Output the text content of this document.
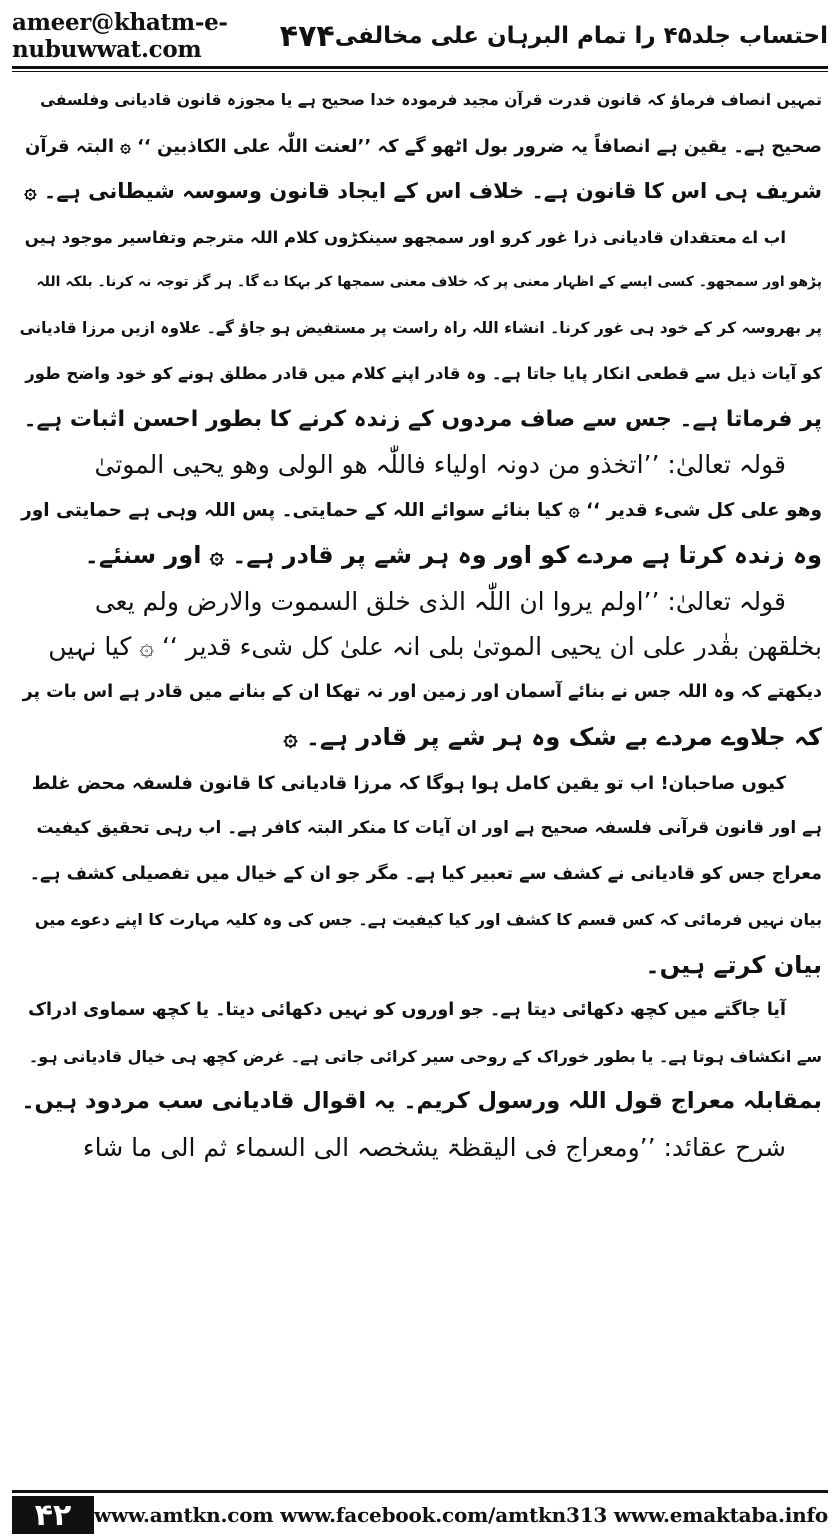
ameer@khatm-e-nubuwwat.com	۴۷۴ احتساب جلد۴۵ را تمام البرہان علی مخالفی
تمہیں انصاف فرماؤ کہ قانون قدرت قرآن مجید فرمودہ خدا صحیح ہے یا مجوزہ قانون قادیانی وفلسفی
صحیح ہے۔ یقین ہے انصافاً یہ ضرور بول اٹھو گے کہ ’’لعنت اللّٰہ علی الکاذبین ‘‘ ۞ البتہ قرآن
شریف ہی اس کا قانون ہے۔ خلاف اس کے ایجاد قانون وسوسہ شیطانی ہے۔ ۞
اب اے معتقدان قادیانی ذرا غور کرو اور سمجھو سینکڑوں کلام اللہ مترجم وتفاسیر موجود ہیں
پڑھو اور سمجھو۔ کسی ایسے کے اظہار معنی پر کہ خلاف معنی سمجھا کر بہکا دے گا۔ ہر گز توجہ نہ کرنا۔ بلکہ اللہ
پر بھروسہ کر کے خود ہی غور کرنا۔ انشاء اللہ راہ راست پر مستفیض ہو جاؤ گے۔ علاوہ ازیں مرزا قادیانی
کو آیات ذیل سے قطعی انکار پایا جاتا ہے۔ وہ قادر اپنے کلام میں قادر مطلق ہونے کو خود واضح طور
پر فرماتا ہے۔ جس سے صاف مردوں کے زندہ کرنے کا بطور احسن اثبات ہے۔
قولہ تعالیٰ: ’’اتخذو من دونہ اولیاء فاللّٰہ ھو الولی وھو یحیی الموتیٰ
وھو علی کل شیء قدیر ‘‘ ۞ کیا بنائے سوائے اللہ کے حمایتی۔ پس اللہ وہی ہے حمایتی اور
وہ زندہ کرتا ہے مردے کو اور وہ ہر شے پر قادر ہے۔ ۞ اور سنئے۔
قولہ تعالیٰ: ’’اولم یروا ان اللّٰہ الذی خلق السموت والارض ولم یعی
بخلقھن بقٰدر علی ان یحیی الموتیٰ بلی انہ علیٰ کل شیء قدیر ‘‘ ۞ کیا نہیں
دیکھتے کہ وہ اللہ جس نے بنائے آسمان اور زمین اور نہ تھکا ان کے بنانے میں قادر ہے اس بات پر
کہ جلاوے مردے بے شک وہ ہر شے پر قادر ہے۔ ۞
کیوں صاحبان! اب تو یقین کامل ہوا ہوگا کہ مرزا قادیانی کا قانون فلسفہ محض غلط
ہے اور قانون قرآنی فلسفہ صحیح ہے اور ان آیات کا منکر البتہ کافر ہے۔ اب رہی تحقیق کیفیت
معراج جس کو قادیانی نے کشف سے تعبیر کیا ہے۔ مگر جو ان کے خیال میں تفصیلی کشف ہے۔
بیان نہیں فرمائی کہ کس قسم کا کشف اور کیا کیفیت ہے۔ جس کی وہ کلیہ مہارت کا اپنے دعوے میں
بیان کرتے ہیں۔
آیا جاگتے میں کچھ دکھائی دیتا ہے۔ جو اوروں کو نہیں دکھائی دیتا۔ یا کچھ سماوی ادراک
سے انکشاف ہوتا ہے۔ یا بطور خوراک کے روحی سیر کرائی جاتی ہے۔ غرض کچھ ہی خیال قادیانی ہو۔
بمقابلہ معراج قول اللہ ورسول کریم۔ یہ اقوال قادیانی سب مردود ہیں۔
شرح عقائد: ’’ومعراج فی الیقظۃ یشخصہ الی السماء ثم الی ما شاء
۴۲	www.amtkn.com www.facebook.com/amtkn313 www.emaktaba.info
